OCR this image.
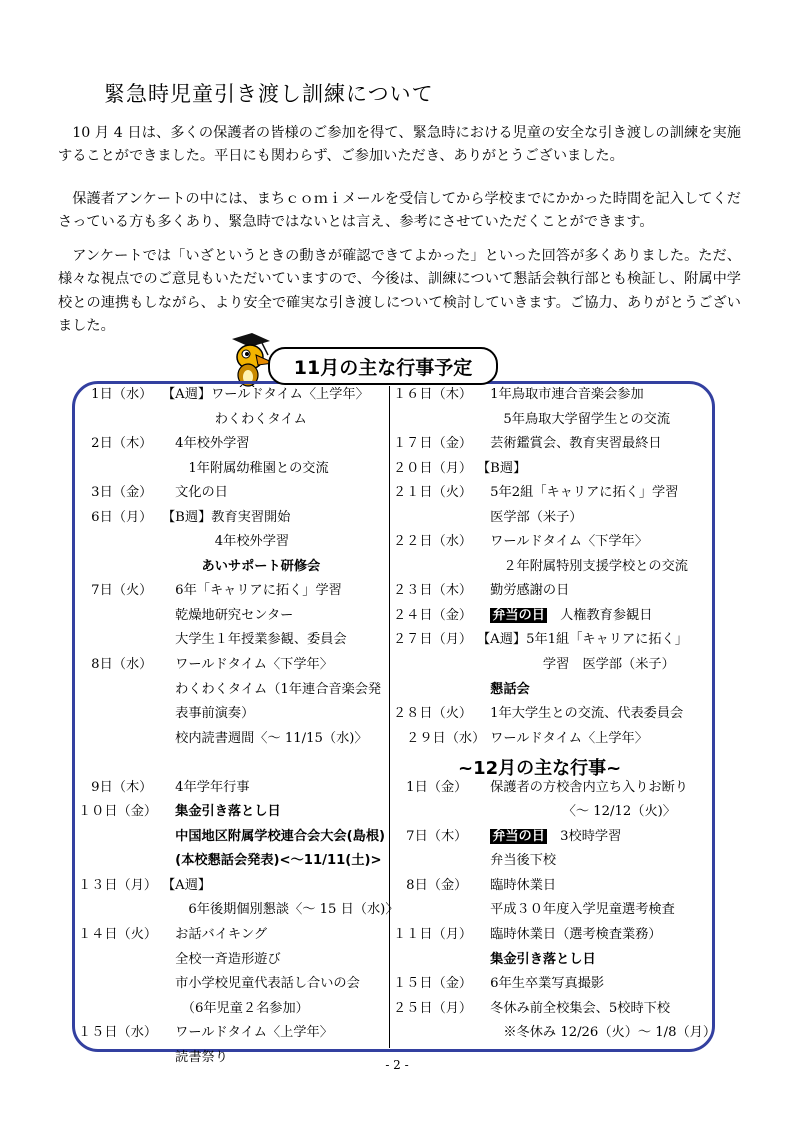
緊急時児童引き渡し訓練について
　10 月 4 日は、多くの保護者の皆様のご参加を得て、緊急時における児童の安全な引き渡しの訓練を実施することができました。平日にも関わらず、ご参加いただき、ありがとうございました。
　保護者アンケートの中には、まちｃｏｍｉメールを受信してから学校までにかかった時間を記入してくださっている方も多くあり、緊急時ではないとは言え、参考にさせていただくことができます。
　アンケートでは「いざというときの動きが確認できてよかった」といった回答が多くありました。ただ、様々な視点でのご意見もいただいていますので、今後は、訓練について懇話会執行部とも検証し、附属中学校との連携もしながら、より安全で確実な引き渡しについて検討していきます。ご協力、ありがとうございました。
11月の主な行事予定
　1日（水） 【A週】ワールドタイム〈上学年〉
　　　　わくわくタイム
　2日（木） 　4年校外学習
　　1年附属幼稚園との交流
　3日（金） 　文化の日
　6日（月） 【B週】教育実習開始
　　　　4年校外学習
　　　あいサポート研修会
　7日（火） 　6年「キャリアに拓く」学習
　乾燥地研究センター
　大学生１年授業参観、委員会
　8日（水） 　ワールドタイム〈下学年〉
　わくわくタイム（1年連合音楽会発
　表事前演奏）
　校内読書週間〈～ 11/15（水)〉
　9日（木） 　4年学年行事
１０日（金） 　集金引き落とし日
　中国地区附属学校連合会大会(島根)
　(本校懇話会発表)<～11/11(土)>
１３日（月） 【A週】
　　6年後期個別懇談〈～ 15 日（水)〉
１４日（火） 　お話バイキング
　全校一斉造形遊び
　市小学校児童代表話し合いの会
　　（6年児童２名参加）
１５日（水） 　ワールドタイム〈上学年〉
　読書祭り
１６日（木） 　1年鳥取市連合音楽会参加
　　5年鳥取大学留学生との交流
１７日（金） 　芸術鑑賞会、教育実習最終日
２０日（月） 【B週】
２１日（火） 　5年2組「キャリアに拓く」学習
　医学部（米子）
２２日（水） 　ワールドタイム〈下学年〉
　　２年附属特別支援学校との交流
２３日（木） 　勤労感謝の日
２４日（金）
　	弁当の日　人権教育参観日
２７日（月） 【A週】5年1組「キャリアに拓く」
　　　　　学習　医学部（米子）
　懇話会
２８日（火） 　1年大学生との交流、代表委員会
　２９日（水）
　ワールドタイム〈上学年〉
　1日（金） 　保護者の方校舎内立ち入りお断り
　　　　　　　〈～ 12/12（火)〉
　7日（木）
　	弁当の日　3校時学習
　弁当後下校
　8日（金） 　臨時休業日
　平成３０年度入学児童選考検査
１１日（月） 　臨時休業日（選考検査業務）
　集金引き落とし日
１５日（金） 　6年生卒業写真撮影
２５日（月） 　冬休み前全校集会、5校時下校
　　※冬休み 12/26（火）～ 1/8（月）
~12月の主な行事~
- 2 -
